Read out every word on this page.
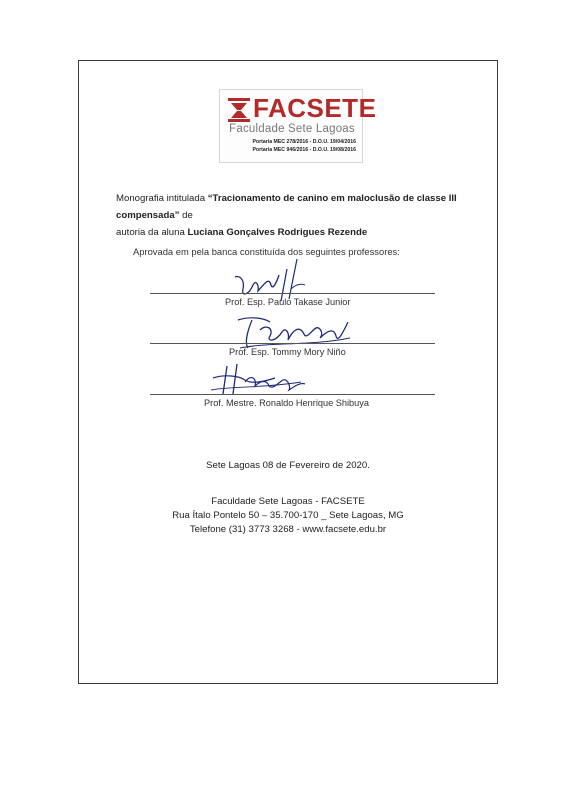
FACSETE
Faculdade Sete Lagoas
Portaria MEC 278/2016 - D.O.U. 19/04/2016
Portaria MEC 946/2016 - D.O.U. 19/08/2016
Monografia intitulada “Tracionamento de canino em maloclusão de classe III compensada” de
autoria da aluna Luciana Gonçalves Rodrigues Rezende
Aprovada em pela banca constituída dos seguintes professores:
Prof. Esp. Paulo Takase Junior
Prof. Esp. Tommy Mory Niño
Prof. Mestre. Ronaldo Henrique Shibuya
Sete Lagoas 08 de Fevereiro de 2020.
Faculdade Sete Lagoas - FACSETE
Rua Ítalo Pontelo 50 – 35.700-170 _ Sete Lagoas, MG
Telefone (31) 3773 3268 - www.facsete.edu.br
